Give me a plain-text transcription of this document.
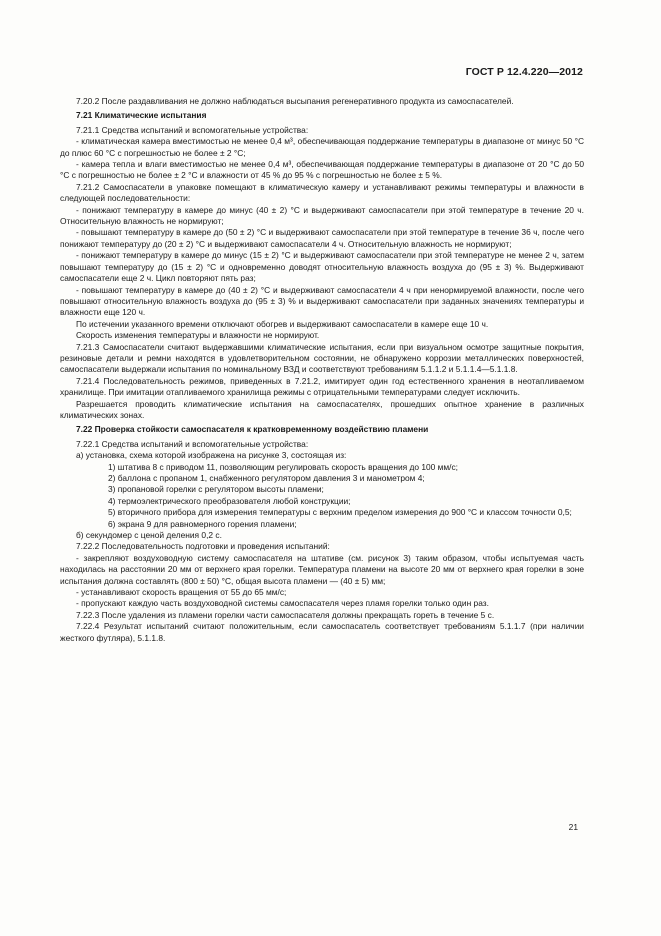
ГОСТ Р 12.4.220—2012

7.20.2 После раздавливания не должно наблюдаться высыпания регенеративного продукта из самоспасателей.

7.21 Климатические испытания

7.21.1 Средства испытаний и вспомогательные устройства:

- климатическая камера вместимостью не менее 0,4 м³, обеспечивающая поддержание температуры в диапазоне от минус 50 °С до плюс 60 °С с погрешностью не более ± 2 °С;

- камера тепла и влаги вместимостью не менее 0,4 м³, обеспечивающая поддержание температуры в диапазоне от 20 °С до 50 °С с погрешностью не более ± 2 °С и влажности от 45 % до 95 % с погрешностью не более ± 5 %.

7.21.2 Самоспасатели в упаковке помещают в климатическую камеру и устанавливают режимы температуры и влажности в следующей последовательности:

- понижают температуру в камере до минус (40 ± 2) °С и выдерживают самоспасатели при этой температуре в течение 20 ч. Относительную влажность не нормируют;

- повышают температуру в камере до (50 ± 2) °С и выдерживают самоспасатели при этой температуре в течение 36 ч, после чего понижают температуру до (20 ± 2) °С и выдерживают самоспасатели 4 ч. Относительную влажность не нормируют;

- понижают температуру в камере до минус (15 ± 2) °С и выдерживают самоспасатели при этой температуре не менее 2 ч, затем повышают температуру до (15 ± 2) °С и одновременно доводят относительную влажность воздуха до (95 ± 3) %. Выдерживают самоспасатели еще 2 ч. Цикл повторяют пять раз;

- повышают температуру в камере до (40 ± 2) °С и выдерживают самоспасатели 4 ч при ненормируемой влажности, после чего повышают относительную влажность воздуха до (95 ± 3) % и выдерживают самоспасатели при заданных значениях температуры и влажности еще 120 ч.

По истечении указанного времени отключают обогрев и выдерживают самоспасатели в камере еще 10 ч.

Скорость изменения температуры и влажности не нормируют.

7.21.3 Самоспасатели считают выдержавшими климатические испытания, если при визуальном осмотре защитные покрытия, резиновые детали и ремни находятся в удовлетворительном состоянии, не обнаружено коррозии металлических поверхностей, самоспасатели выдержали испытания по номинальному ВЗД и соответствуют требованиям 5.1.1.2 и 5.1.1.4—5.1.1.8.

7.21.4 Последовательность режимов, приведенных в 7.21.2, имитирует один год естественного хранения в неотапливаемом хранилище. При имитации отапливаемого хранилища режимы с отрицательными температурами следует исключить.

Разрешается проводить климатические испытания на самоспасателях, прошедших опытное хранение в различных климатических зонах.

7.22 Проверка стойкости самоспасателя к кратковременному воздействию пламени

7.22.1 Средства испытаний и вспомогательные устройства:

а) установка, схема которой изображена на рисунке 3, состоящая из:

1) штатива 8 с приводом 11, позволяющим регулировать скорость вращения до 100 мм/с;

2) баллона с пропаном 1, снабженного регулятором давления 3 и манометром 4;

3) пропановой горелки с регулятором высоты пламени;

4) термоэлектрического преобразователя любой конструкции;

5) вторичного прибора для измерения температуры с верхним пределом измерения до 900 °С и классом точности 0,5;

6) экрана 9 для равномерного горения пламени;

б) секундомер с ценой деления 0,2 с.

7.22.2 Последовательность подготовки и проведения испытаний:

- закрепляют воздуховодную систему самоспасателя на штативе (см. рисунок 3) таким образом, чтобы испытуемая часть находилась на расстоянии 20 мм от верхнего края горелки. Температура пламени на высоте 20 мм от верхнего края горелки в зоне испытания должна составлять (800 ± 50) °С, общая высота пламени — (40 ± 5) мм;

- устанавливают скорость вращения от 55 до 65 мм/с;

- пропускают каждую часть воздуховодной системы самоспасателя через пламя горелки только один раз.

7.22.3 После удаления из пламени горелки части самоспасателя должны прекращать гореть в течение 5 с.

7.22.4 Результат испытаний считают положительным, если самоспасатель соответствует требованиям 5.1.1.7 (при наличии жесткого футляра), 5.1.1.8.

21
